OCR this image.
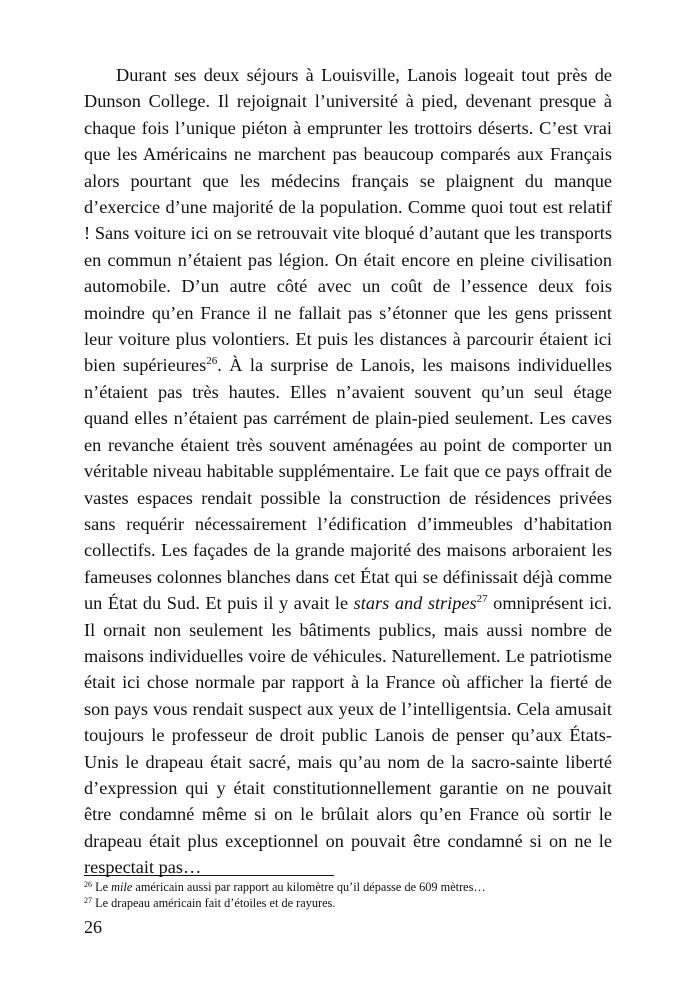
Durant ses deux séjours à Louisville, Lanois logeait tout près de Dunson College. Il rejoignait l’université à pied, devenant presque à chaque fois l’unique piéton à emprunter les trottoirs déserts. C’est vrai que les Américains ne marchent pas beaucoup comparés aux Français alors pourtant que les médecins français se plaignent du manque d’exercice d’une majorité de la population. Comme quoi tout est relatif ! Sans voiture ici on se retrouvait vite bloqué d’autant que les transports en commun n’étaient pas légion. On était encore en pleine civilisation automobile. D’un autre côté avec un coût de l’essence deux fois moindre qu’en France il ne fallait pas s’étonner que les gens prissent leur voiture plus volontiers. Et puis les distances à parcourir étaient ici bien supérieures$^{26}$. À la surprise de Lanois, les maisons individuelles n’étaient pas très hautes. Elles n’avaient souvent qu’un seul étage quand elles n’étaient pas carrément de plain-pied seulement. Les caves en revanche étaient très souvent aménagées au point de comporter un véritable niveau habitable supplémentaire. Le fait que ce pays offrait de vastes espaces rendait possible la construction de résidences privées sans requérir nécessairement l’édification d’immeubles d’habitation collectifs. Les façades de la grande majorité des maisons arboraient les fameuses colonnes blanches dans cet État qui se définissait déjà comme un État du Sud. Et puis il y avait le stars and stripes$^{27}$ omniprésent ici. Il ornait non seulement les bâtiments publics, mais aussi nombre de maisons individuelles voire de véhicules. Naturellement. Le patriotisme était ici chose normale par rapport à la France où afficher la fierté de son pays vous rendait suspect aux yeux de l’intelligentsia. Cela amusait toujours le professeur de droit public Lanois de penser qu’aux États-Unis le drapeau était sacré, mais qu’au nom de la sacro-sainte liberté d’expression qui y était constitutionnellement garantie on ne pouvait être condamné même si on le brûlait alors qu’en France où sortir le drapeau était plus exceptionnel on pouvait être condamné si on ne le respectait pas…

$^{26}$ Le mile américain aussi par rapport au kilomètre qu’il dépasse de 609 mètres…

$^{27}$ Le drapeau américain fait d’étoiles et de rayures.

26
